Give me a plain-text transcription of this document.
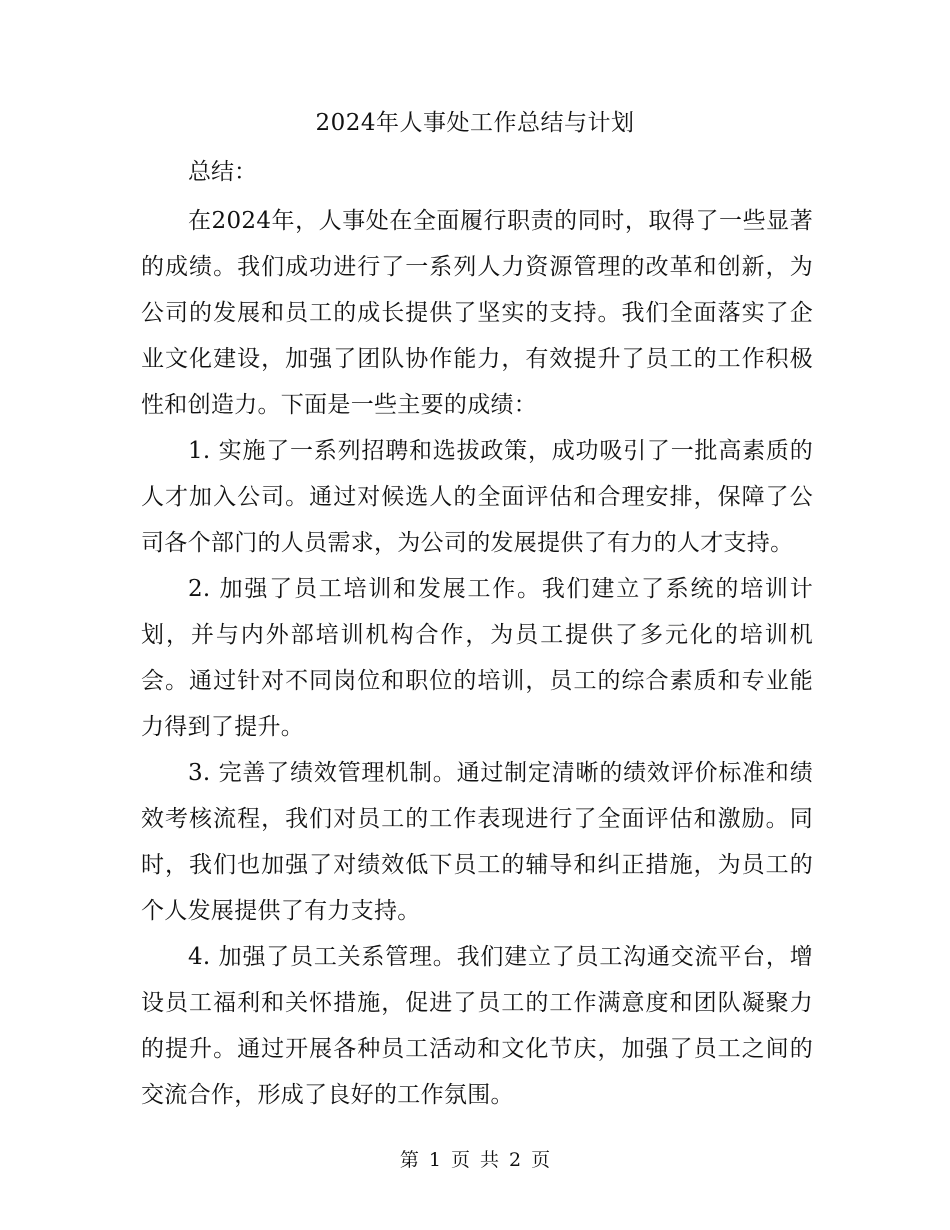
2024年人事处工作总结与计划
总结：

在2024年，人事处在全面履行职责的同时，取得了一些显著的成绩。我们成功进行了一系列人力资源管理的改革和创新，为公司的发展和员工的成长提供了坚实的支持。我们全面落实了企业文化建设，加强了团队协作能力，有效提升了员工的工作积极性和创造力。下面是一些主要的成绩：

1. 实施了一系列招聘和选拔政策，成功吸引了一批高素质的人才加入公司。通过对候选人的全面评估和合理安排，保障了公司各个部门的人员需求，为公司的发展提供了有力的人才支持。

2. 加强了员工培训和发展工作。我们建立了系统的培训计划，并与内外部培训机构合作，为员工提供了多元化的培训机会。通过针对不同岗位和职位的培训，员工的综合素质和专业能力得到了提升。

3. 完善了绩效管理机制。通过制定清晰的绩效评价标准和绩效考核流程，我们对员工的工作表现进行了全面评估和激励。同时，我们也加强了对绩效低下员工的辅导和纠正措施，为员工的个人发展提供了有力支持。

4. 加强了员工关系管理。我们建立了员工沟通交流平台，增设员工福利和关怀措施，促进了员工的工作满意度和团队凝聚力的提升。通过开展各种员工活动和文化节庆，加强了员工之间的交流合作，形成了良好的工作氛围。

第 1 页 共 2 页
